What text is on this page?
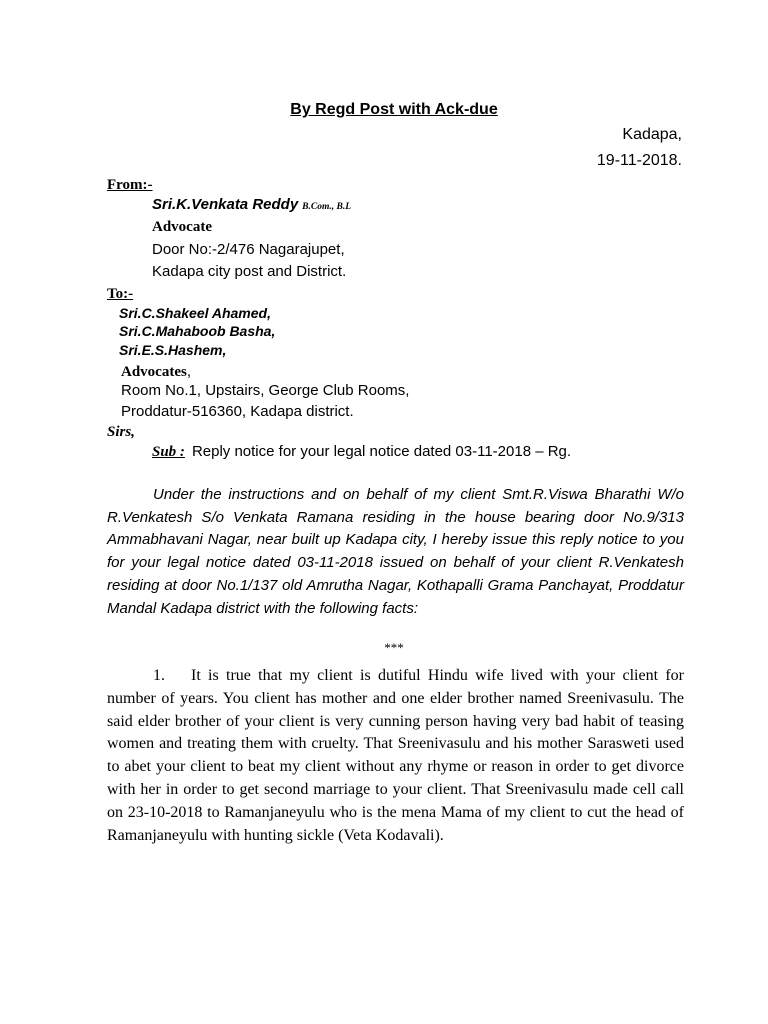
By Regd Post with Ack-due
Kadapa,
19-11-2018.
From:-
Sri.K.Venkata Reddy B.Com., B.L
Advocate
Door No:-2/476 Nagarajupet,
Kadapa city post and District.
To:-
Sri.C.Shakeel Ahamed,
Sri.C.Mahaboob Basha,
Sri.E.S.Hashem,
Advocates,
Room No.1, Upstairs, George Club Rooms,
Proddatur-516360, Kadapa district.
Sirs,
Sub : Reply notice for your legal notice dated 03-11-2018 – Rg.
Under the instructions and on behalf of my client Smt.R.Viswa Bharathi W/o R.Venkatesh S/o Venkata Ramana residing in the house bearing door No.9/313 Ammabhavani Nagar, near built up Kadapa city, I hereby issue this reply notice to you for your legal notice dated 03-11-2018 issued on behalf of your client R.Venkatesh residing at door No.1/137 old Amrutha Nagar, Kothapalli Grama Panchayat, Proddatur Mandal Kadapa district with the following facts:
***
1. It is true that my client is dutiful Hindu wife lived with your client for number of years. You client has mother and one elder brother named Sreenivasulu. The said elder brother of your client is very cunning person having very bad habit of teasing women and treating them with cruelty. That Sreenivasulu and his mother Sarasweti used to abet your client to beat my client without any rhyme or reason in order to get divorce with her in order to get second marriage to your client. That Sreenivasulu made cell call on 23-10-2018 to Ramanjaneyulu who is the mena Mama of my client to cut the head of Ramanjaneyulu with hunting sickle (Veta Kodavali).
